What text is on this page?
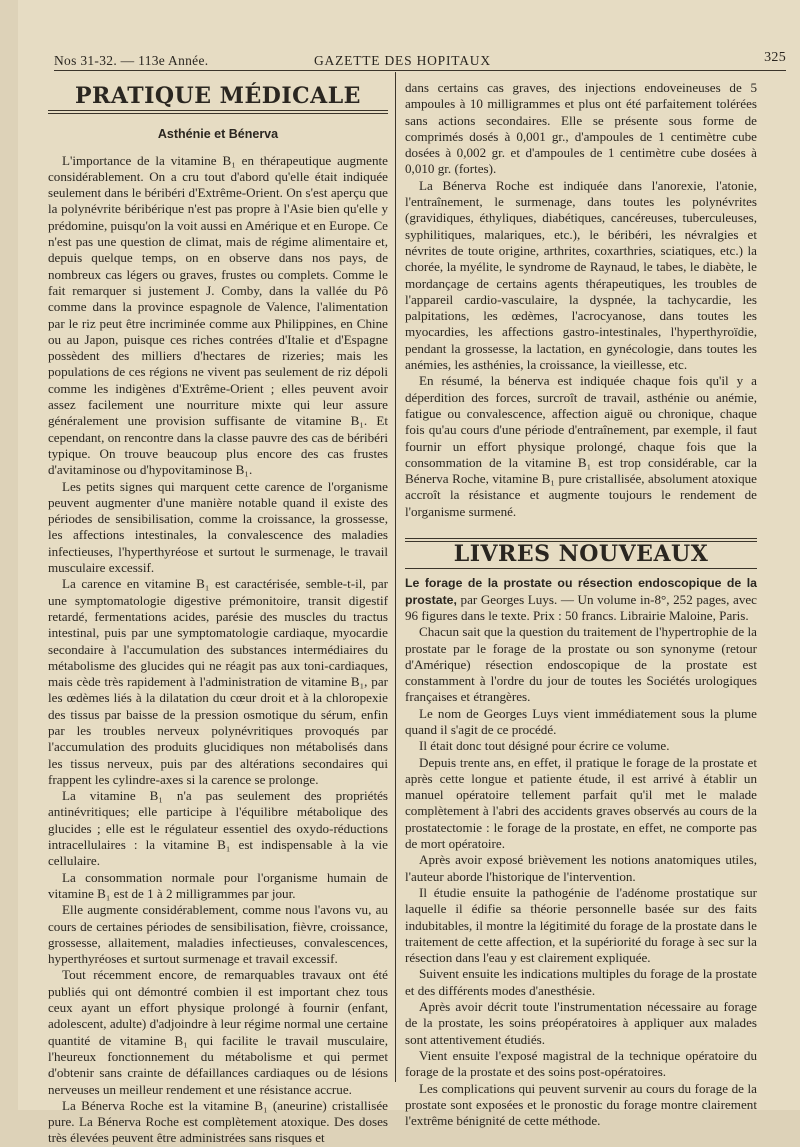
Nos 31-32. — 113e Année.	GAZETTE DES HOPITAUX	325
PRATIQUE MÉDICALE
Asthénie et Bénerva

L'importance de la vitamine B₁ en thérapeutique augmente considérablement. On a cru tout d'abord qu'elle était indiquée seulement dans le béribéri d'Extrême-Orient. On s'est aperçu que la polynévrite béribérique n'est pas propre à l'Asie bien qu'elle y prédomine, puisqu'on la voit aussi en Amérique et en Europe. Ce n'est pas une question de climat, mais de régime alimentaire et, depuis quelque temps, on en observe dans nos pays, de nombreux cas légers ou graves, frustes ou complets. Comme le fait remarquer si justement J. Comby, dans la vallée du Pô comme dans la province espagnole de Valence, l'alimentation par le riz peut être incriminée comme aux Philippines, en Chine ou au Japon, puisque ces riches contrées d'Italie et d'Espagne possèdent des milliers d'hectares de rizeries; mais les populations de ces régions ne vivent pas seulement de riz dépoli comme les indigènes d'Extrême-Orient ; elles peuvent avoir assez facilement une nourriture mixte qui leur assure généralement une provision suffisante de vitamine B₁. Et cependant, on rencontre dans la classe pauvre des cas de béribéri typique. On trouve beaucoup plus encore des cas frustes d'avitaminose ou d'hypovitaminose B₁.

Les petits signes qui marquent cette carence de l'organisme peuvent augmenter d'une manière notable quand il existe des périodes de sensibilisation, comme la croissance, la grossesse, les affections intestinales, la convalescence des maladies infectieuses, l'hyperthyréose et surtout le surmenage, le travail musculaire excessif.

La carence en vitamine B₁ est caractérisée, semble-t-il, par une symptomatologie digestive prémonitoire, transit digestif retardé, fermentations acides, parésie des muscles du tractus intestinal, puis par une symptomatologie cardiaque, myocardie secondaire à l'accumulation des substances intermédiaires du métabolisme des glucides qui ne réagit pas aux toni-cardiaques, mais cède très rapidement à l'administration de vitamine B₁, par les œdèmes liés à la dilatation du cœur droit et à la chloropexie des tissus par baisse de la pression osmotique du sérum, enfin par les troubles nerveux polynévritiques provoqués par l'accumulation des produits glucidiques non métabolisés dans les tissus nerveux, puis par des altérations secondaires qui frappent les cylindre-axes si la carence se prolonge.

La vitamine B₁ n'a pas seulement des propriétés antinévritiques; elle participe à l'équilibre métabolique des glucides ; elle est le régulateur essentiel des oxydo-réductions intracellulaires : la vitamine B₁ est indispensable à la vie cellulaire.

La consommation normale pour l'organisme humain de vitamine B₁ est de 1 à 2 milligrammes par jour.

Elle augmente considérablement, comme nous l'avons vu, au cours de certaines périodes de sensibilisation, fièvre, croissance, grossesse, allaitement, maladies infectieuses, convalescences, hyperthyréoses et surtout surmenage et travail excessif.

Tout récemment encore, de remarquables travaux ont été publiés qui ont démontré combien il est important chez tous ceux ayant un effort physique prolongé à fournir (enfant, adolescent, adulte) d'adjoindre à leur régime normal une certaine quantité de vitamine B₁ qui facilite le travail musculaire, l'heureux fonctionnement du métabolisme et qui permet d'obtenir sans crainte de défaillances cardiaques ou de lésions nerveuses un meilleur rendement et une résistance accrue.

La Bénerva Roche est la vitamine B₁ (aneurine) cristallisée pure. La Bénerva Roche est complètement atoxique. Des doses très élevées peuvent être administrées sans risques et

dans certains cas graves, des injections endoveineuses de 5 ampoules à 10 milligrammes et plus ont été parfaitement tolérées sans actions secondaires. Elle se présente sous forme de comprimés dosés à 0,001 gr., d'ampoules de 1 centimètre cube dosées à 0,002 gr. et d'ampoules de 1 centimètre cube dosées à 0,010 gr. (fortes).

La Bénerva Roche est indiquée dans l'anorexie, l'atonie, l'entraînement, le surmenage, dans toutes les polynévrites (gravidiques, éthyliques, diabétiques, cancéreuses, tuberculeuses, syphilitiques, malariques, etc.), le béribéri, les névralgies et névrites de toute origine, arthrites, coxarthries, sciatiques, etc.) la chorée, la myélite, le syndrome de Raynaud, le tabes, le diabète, le mordançage de certains agents thérapeutiques, les troubles de l'appareil cardio-vasculaire, la dyspnée, la tachycardie, les palpitations, les œdèmes, l'acrocyanose, dans toutes les myocardies, les affections gastro-intestinales, l'hyperthyroïdie, pendant la grossesse, la lactation, en gynécologie, dans toutes les anémies, les asthénies, la croissance, la vieillesse, etc.

En résumé, la bénerva est indiquée chaque fois qu'il y a déperdition des forces, surcroît de travail, asthénie ou anémie, fatigue ou convalescence, affection aiguë ou chronique, chaque fois qu'au cours d'une période d'entraînement, par exemple, il faut fournir un effort physique prolongé, chaque fois que la consommation de la vitamine B₁ est trop considérable, car la Bénerva Roche, vitamine B₁ pure cristallisée, absolument atoxique accroît la résistance et augmente toujours le rendement de l'organisme surmené.

LIVRES NOUVEAUX

Le forage de la prostate ou résection endoscopique de la prostate, par Georges Luys. — Un volume in-8°, 252 pages, avec 96 figures dans le texte. Prix : 50 francs. Librairie Maloine, Paris.

Chacun sait que la question du traitement de l'hypertrophie de la prostate par le forage de la prostate ou son synonyme (retour d'Amérique) résection endoscopique de la prostate est constamment à l'ordre du jour de toutes les Sociétés urologiques françaises et étrangères.

Le nom de Georges Luys vient immédiatement sous la plume quand il s'agit de ce procédé.

Il était donc tout désigné pour écrire ce volume.

Depuis trente ans, en effet, il pratique le forage de la prostate et après cette longue et patiente étude, il est arrivé à établir un manuel opératoire tellement parfait qu'il met le malade complètement à l'abri des accidents graves observés au cours de la prostatectomie : le forage de la prostate, en effet, ne comporte pas de mort opératoire.

Après avoir exposé brièvement les notions anatomiques utiles, l'auteur aborde l'historique de l'intervention.

Il étudie ensuite la pathogénie de l'adénome prostatique sur laquelle il édifie sa théorie personnelle basée sur des faits indubitables, il montre la légitimité du forage de la prostate dans le traitement de cette affection, et la supériorité du forage à sec sur la résection dans l'eau y est clairement expliquée.

Suivent ensuite les indications multiples du forage de la prostate et des différents modes d'anesthésie.

Après avoir décrit toute l'instrumentation nécessaire au forage de la prostate, les soins préopératoires à appliquer aux malades sont attentivement étudiés.

Vient ensuite l'exposé magistral de la technique opératoire du forage de la prostate et des soins post-opératoires.

Les complications qui peuvent survenir au cours du forage de la prostate sont exposées et le pronostic du forage montre clairement l'extrême bénignité de cette méthode.
